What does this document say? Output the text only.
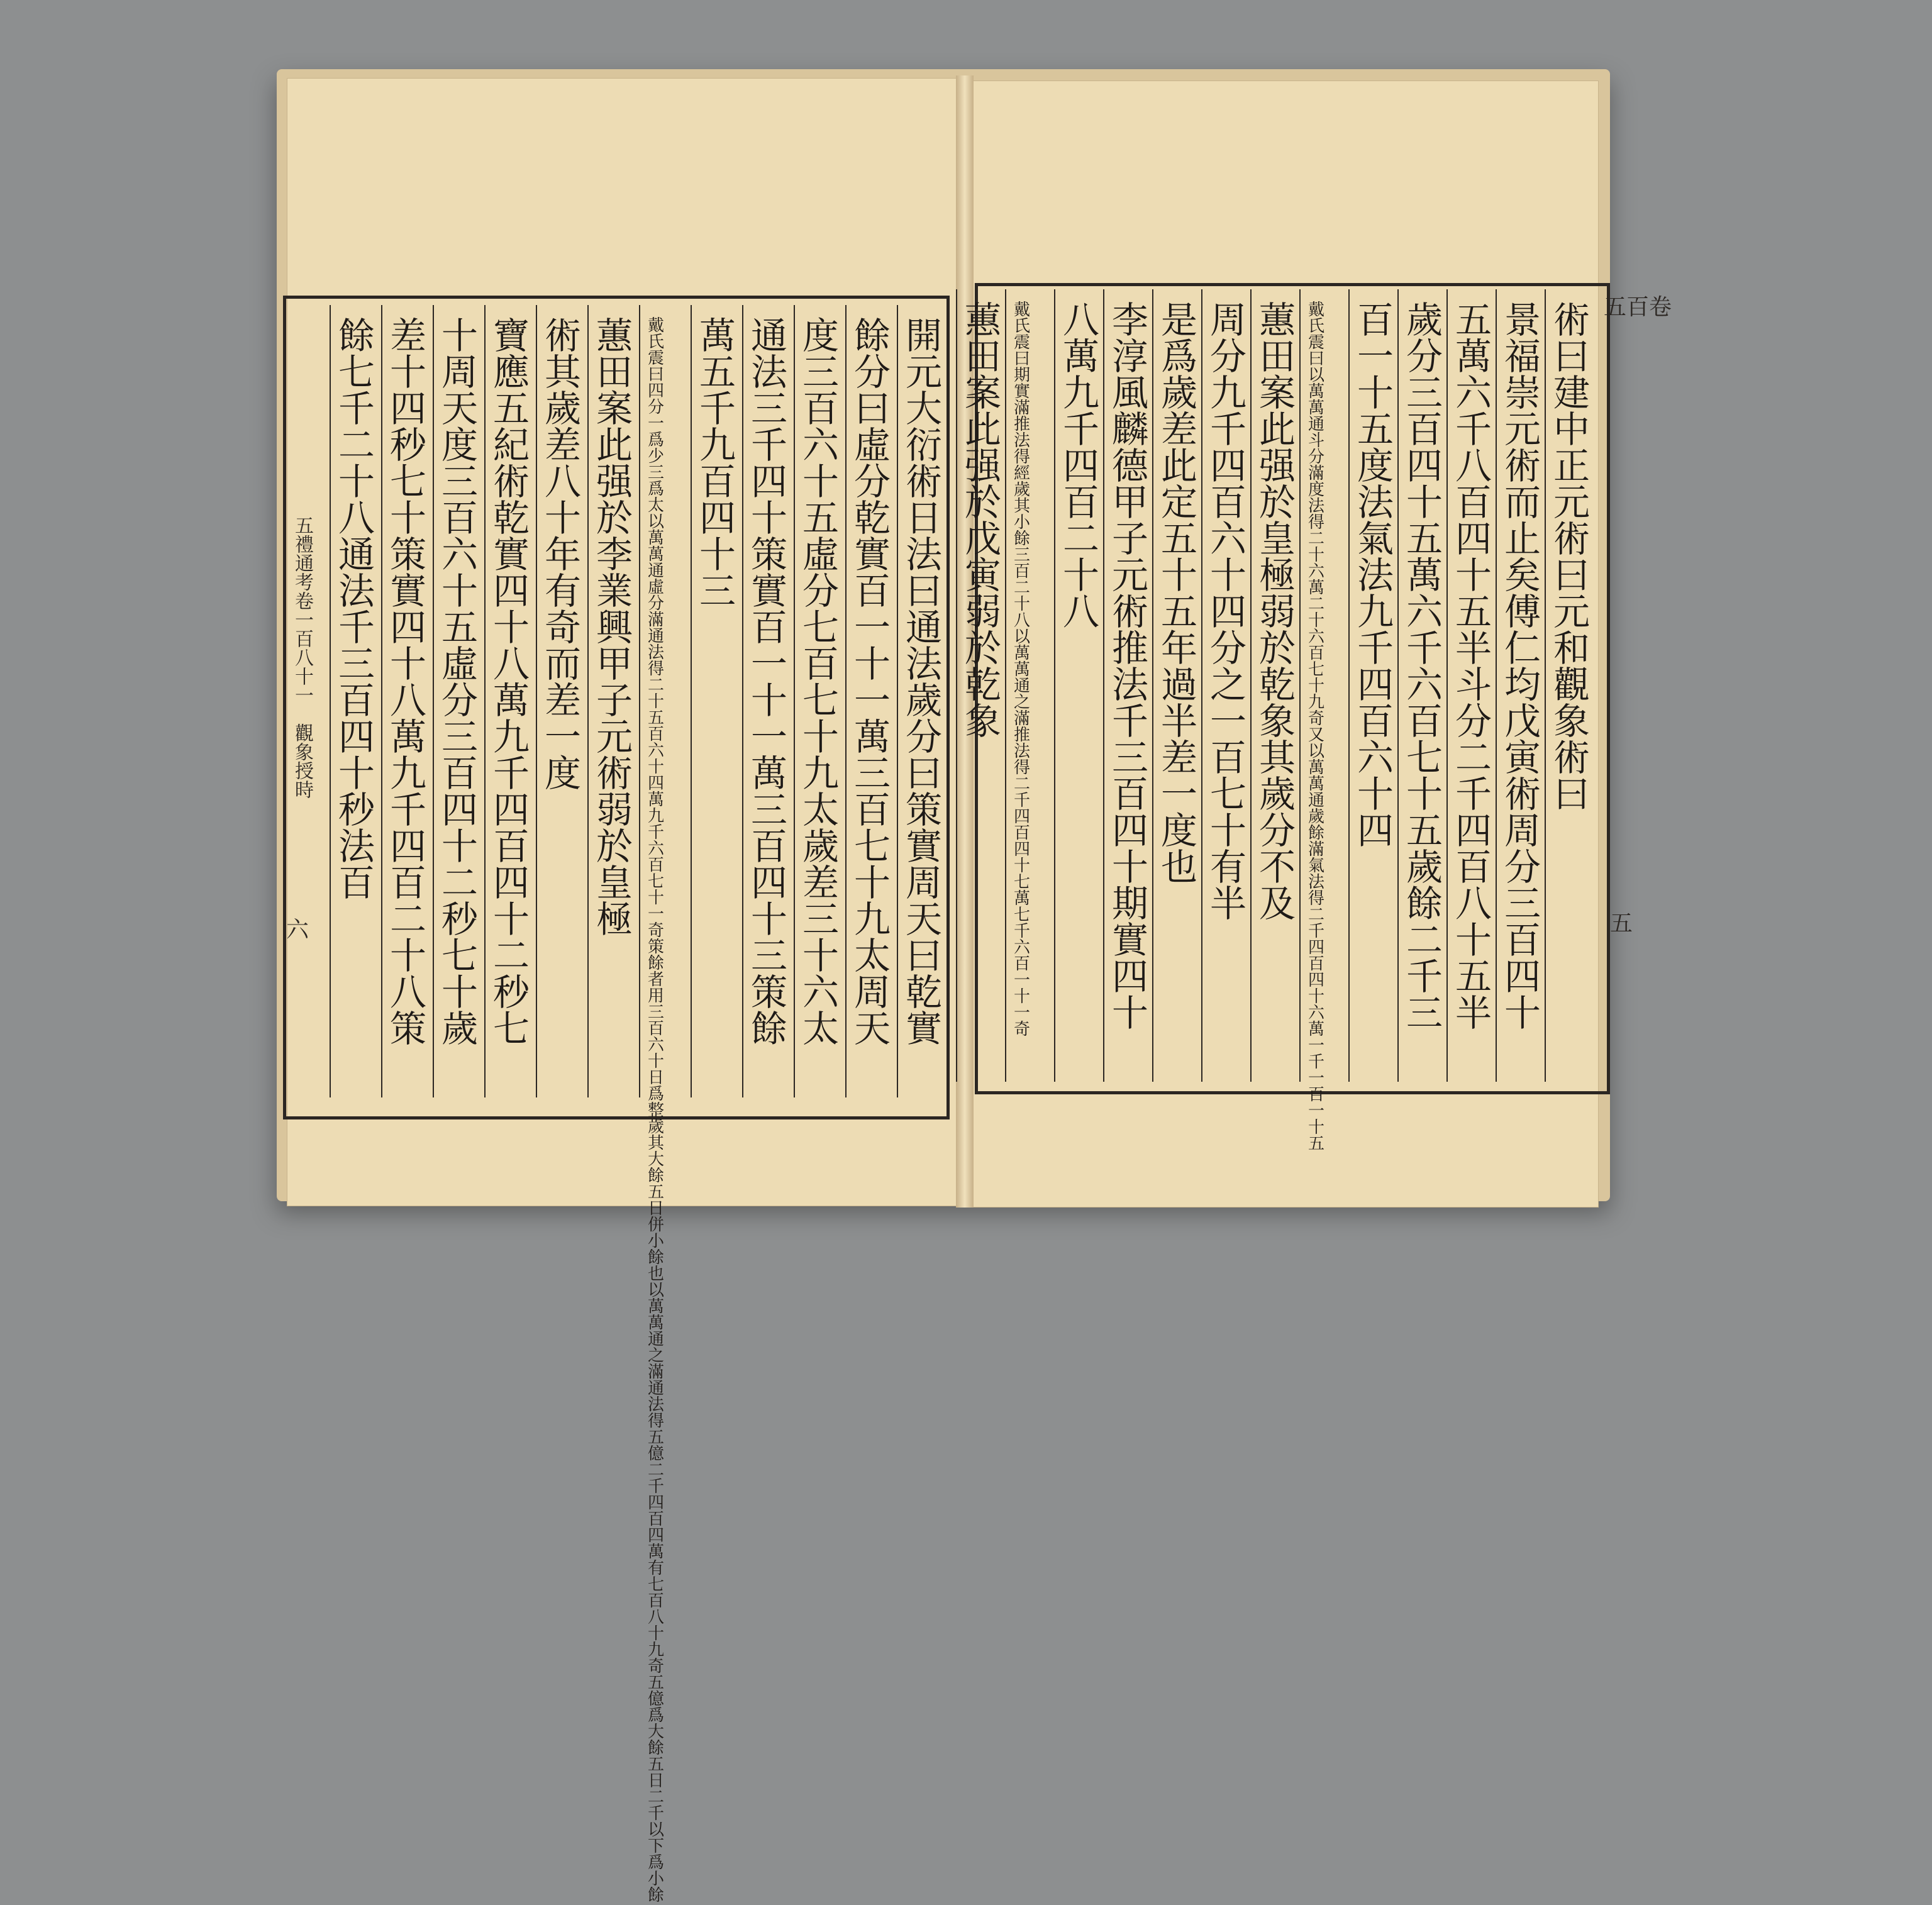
五百卷
五
六
五禮通考卷一百八十一　觀象授時
術
曰
建
中
正
元
術
曰
元
和
觀
象
術
曰
景
福
崇
元
術
而
止
矣
傅
仁
均
戊
寅
術
周
分
三
百
四
十
五
萬
六
千
八
百
四
十
五
半
斗
分
二
千
四
百
八
十
五
半
歲
分
三
百
四
十
五
萬
六
千
六
百
七
十
五
歲
餘
二
千
三
百
一
十
五
度
法
氣
法
九
千
四
百
六
十
四
戴
氏
震
曰
以
萬
萬
通
斗
分
滿
度
法
得
二
十
六
萬
二
十
六
百
七
十
九
奇
又
以
萬
萬
通
歲
餘
滿
氣
法
得
二
千
四
百
四
十
六
萬
一
千
一
百
一
十
五
蕙
田
案
此
强
於
皇
極
弱
於
乾
象
其
歲
分
不
及
周
分
九
千
四
百
六
十
四
分
之
一
百
七
十
有
半
是
爲
歲
差
此
定
五
十
五
年
過
半
差
一
度
也
李
淳
風
麟
德
甲
子
元
術
推
法
千
三
百
四
十
期
實
四
十
八
萬
九
千
四
百
二
十
八
戴
氏
震
曰
期
實
滿
推
法
得
經
歲
其
小
餘
三
百
二
十
八
以
萬
萬
通
之
滿
推
法
得
二
千
四
百
四
十
七
萬
七
千
六
百
一
十
一
奇
蕙
田
案
此
强
於
戊
寅
弱
於
乾
象
開
元
大
衍
術
日
法
曰
通
法
歲
分
曰
策
實
周
天
曰
乾
實
餘
分
曰
虛
分
乾
實
百
一
十
一
萬
三
百
七
十
九
太
周
天
度
三
百
六
十
五
虛
分
七
百
七
十
九
太
歲
差
三
十
六
太
通
法
三
千
四
十
策
實
百
一
十
一
萬
三
百
四
十
三
策
餘
萬
五
千
九
百
四
十
三
戴
氏
震
曰
四
分
一
爲
少
三
爲
太
以
萬
萬
通
虛
分
滿
通
法
得
二
十
五
百
六
十
四
萬
九
千
六
百
七
十
一
奇
策
餘
者
用
三
百
六
十
日
爲
整
歲
其
大
餘
五
日
併
小
餘
也
以
萬
萬
通
之
滿
通
法
得
五
億
二
千
四
百
四
萬
有
七
百
八
十
九
奇
五
億
爲
大
餘
五
日
二
千
以
下
爲
小
餘
蕙
田
案
此
强
於
李
業
興
甲
子
元
術
弱
於
皇
極
術
其
歲
差
八
十
年
有
奇
而
差
一
度
寶
應
五
紀
術
乾
實
四
十
八
萬
九
千
四
百
四
十
二
秒
七
十
周
天
度
三
百
六
十
五
虛
分
三
百
四
十
二
秒
七
十
歲
差
十
四
秒
七
十
策
實
四
十
八
萬
九
千
四
百
二
十
八
策
餘
七
千
二
十
八
通
法
千
三
百
四
十
秒
法
百
